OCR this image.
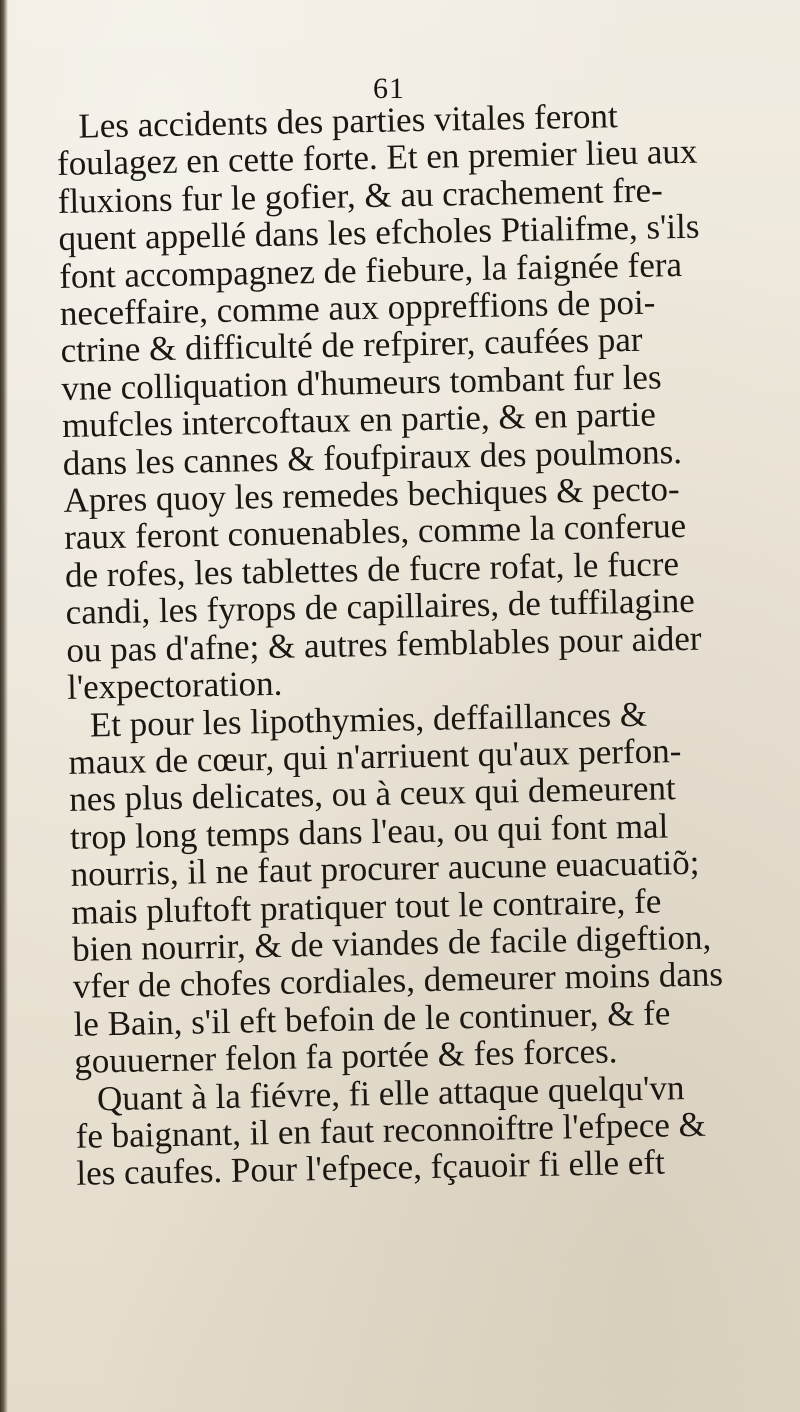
61
Les accidents des parties vitales feront
foulagez en cette forte. Et en premier lieu aux
fluxions fur le gofier, & au crachement fre-
quent appellé dans les efcholes Ptialifme, s'ils
font accompagnez de fiebure, la faignée fera
neceffaire, comme aux oppreffions de poi-
ctrine & difficulté de refpirer, caufées par
vne colliquation d'humeurs tombant fur les
mufcles intercoftaux en partie, & en partie
dans les cannes & foufpiraux des poulmons.
Apres quoy les remedes bechiques & pecto-
raux feront conuenables, comme la conferue
de rofes, les tablettes de fucre rofat, le fucre
candi, les fyrops de capillaires, de tuffilagine
ou pas d'afne; & autres femblables pour aider
l'expectoration.
Et pour les lipothymies, deffaillances &
maux de cœur, qui n'arriuent qu'aux perfon-
nes plus delicates, ou à ceux qui demeurent
trop long temps dans l'eau, ou qui font mal
nourris, il ne faut procurer aucune euacuatiõ;
mais pluftoft pratiquer tout le contraire, fe
bien nourrir, & de viandes de facile digeftion,
vfer de chofes cordiales, demeurer moins dans
le Bain, s'il eft befoin de le continuer, & fe
gouuerner felon fa portée & fes forces.
Quant à la fiévre, fi elle attaque quelqu'vn
fe baignant, il en faut reconnoiftre l'efpece &
les caufes. Pour l'efpece, fçauoir fi elle eft
